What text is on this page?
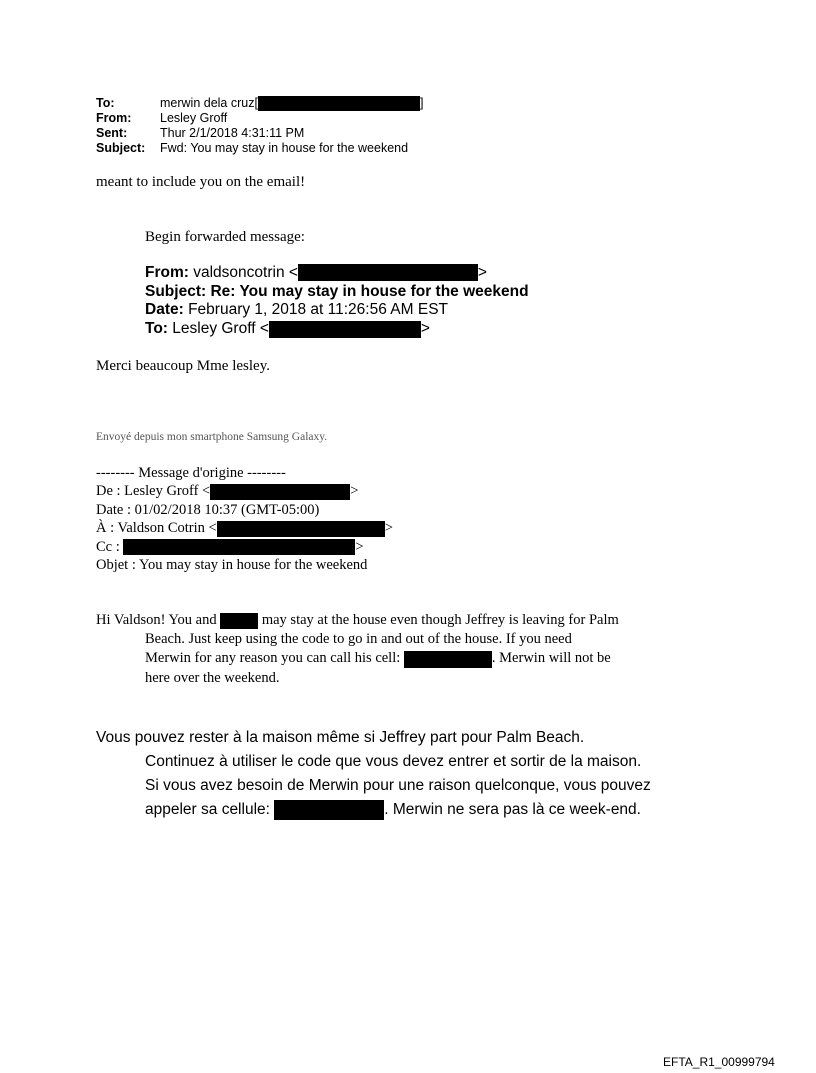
To:	merwin dela cruz[	]
From:	Lesley Groff
Sent:	Thur 2/1/2018 4:31:11 PM
Subject:	Fwd: You may stay in house for the weekend
meant to include you on the email!
Begin forwarded message:
From: valdsoncotrin <	>
Subject: Re: You may stay in house for the weekend
Date: February 1, 2018 at 11:26:56 AM EST
To: Lesley Groff <	>
Merci beaucoup Mme lesley.
Envoyé depuis mon smartphone Samsung Galaxy.
-------- Message d'origine --------
De : Lesley Groff <	>
Date : 01/02/2018 10:37 (GMT-05:00)
À : Valdson Cotrin <	>
Cc :	>
Objet : You may stay in house for the weekend
Hi Valdson! You and	may stay at the house even though Jeffrey is leaving for Palm
Beach. Just keep using the code to go in and out of the house. If you need
Merwin for any reason you can call his cell:	. Merwin will not be
here over the weekend.
Vous pouvez rester à la maison même si Jeffrey part pour Palm Beach.
Continuez à utiliser le code que vous devez entrer et sortir de la maison.
Si vous avez besoin de Merwin pour une raison quelconque, vous pouvez
appeler sa cellule:	. Merwin ne sera pas là ce week-end.
EFTA_R1_00999794
